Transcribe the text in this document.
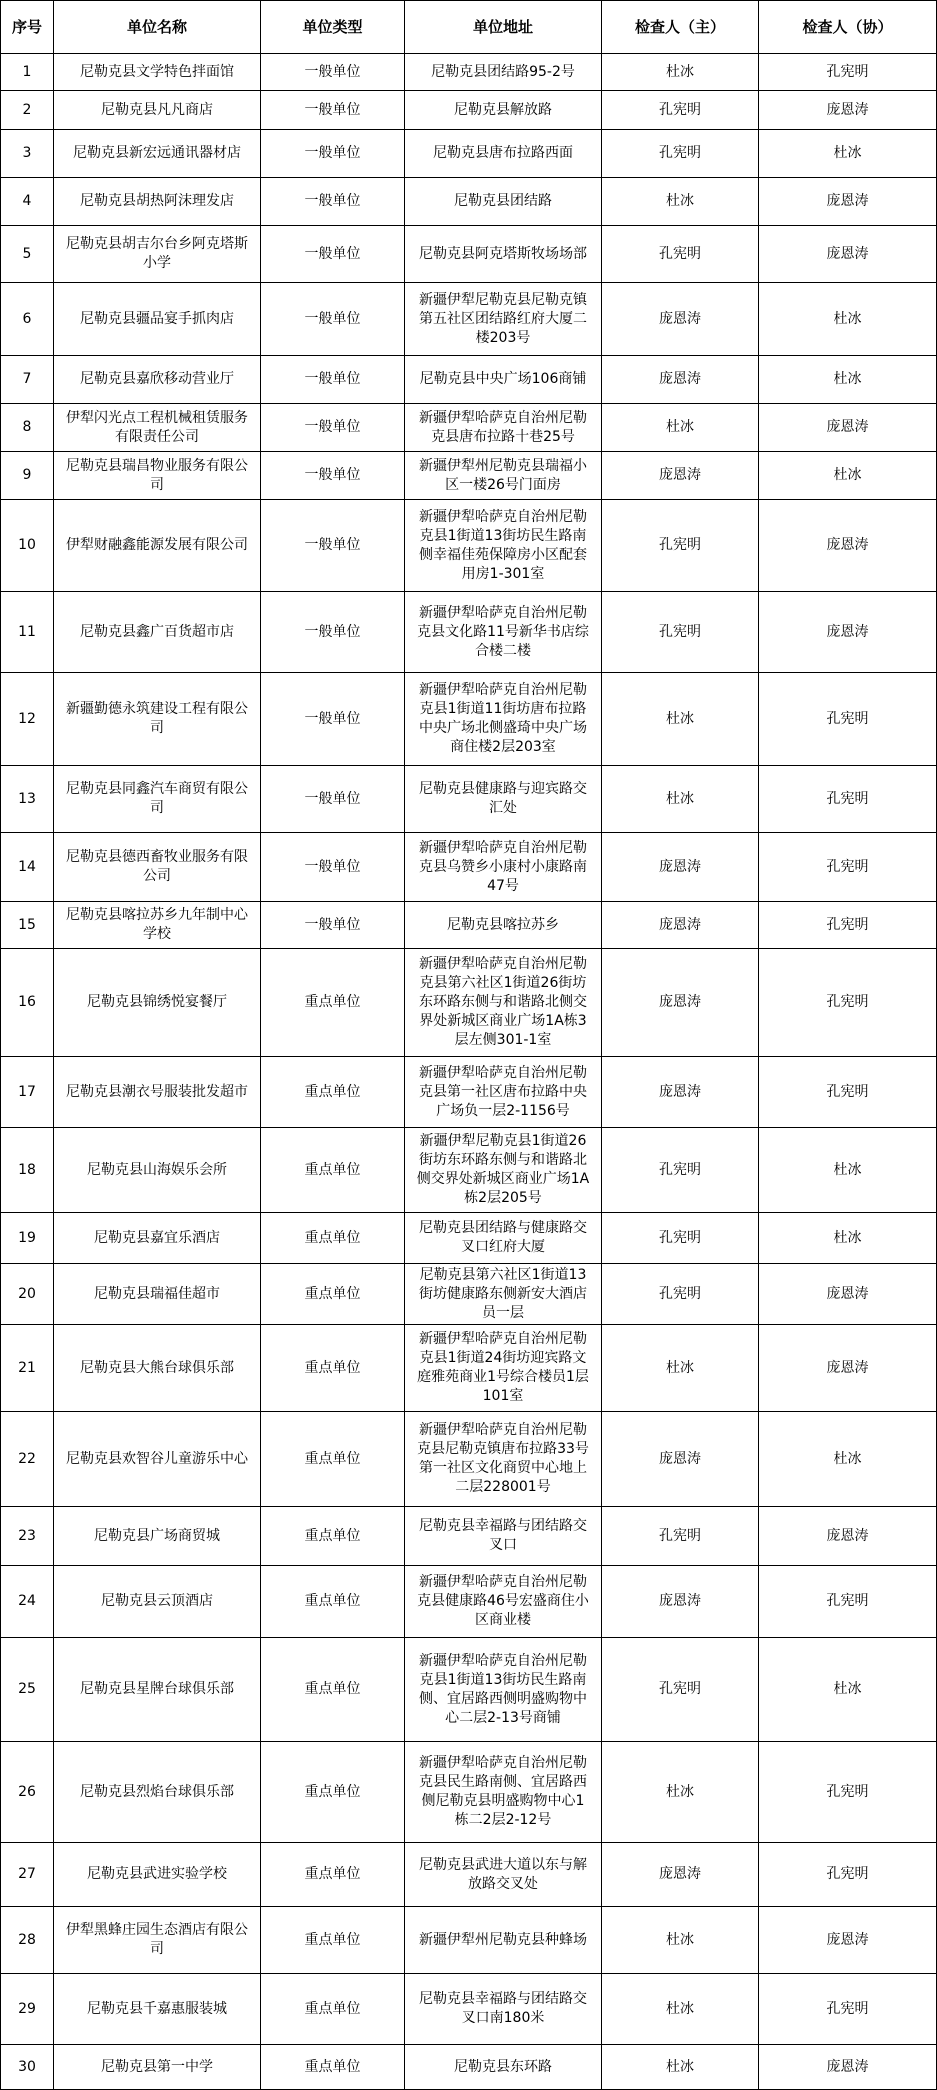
序号	单位名称	单位类型	单位地址	检查人（主）	检查人（协）
1	尼勒克县文学特色拌面馆	一般单位	尼勒克县团结路95-2号	杜冰	孔宪明
2	尼勒克县凡凡商店	一般单位	尼勒克县解放路	孔宪明	庞恩涛
3	尼勒克县新宏远通讯器材店	一般单位	尼勒克县唐布拉路西面	孔宪明	杜冰
4	尼勒克县胡热阿沫理发店	一般单位	尼勒克县团结路	杜冰	庞恩涛
5	尼勒克县胡吉尔台乡阿克塔斯小学	一般单位	尼勒克县阿克塔斯牧场场部	孔宪明	庞恩涛
6	尼勒克县疆品宴手抓肉店	一般单位	新疆伊犁尼勒克县尼勒克镇第五社区团结路红府大厦二楼203号	庞恩涛	杜冰
7	尼勒克县嘉欣移动营业厅	一般单位	尼勒克县中央广场106商铺	庞恩涛	杜冰
8	伊犁闪光点工程机械租赁服务有限责任公司	一般单位	新疆伊犁哈萨克自治州尼勒克县唐布拉路十巷25号	杜冰	庞恩涛
9	尼勒克县瑞昌物业服务有限公司	一般单位	新疆伊犁州尼勒克县瑞福小区一楼26号门面房	庞恩涛	杜冰
10	伊犁财融鑫能源发展有限公司	一般单位	新疆伊犁哈萨克自治州尼勒克县1街道13街坊民生路南侧幸福佳苑保障房小区配套用房1-301室	孔宪明	庞恩涛
11	尼勒克县鑫广百货超市店	一般单位	新疆伊犁哈萨克自治州尼勒克县文化路11号新华书店综合楼二楼	孔宪明	庞恩涛
12	新疆勤德永筑建设工程有限公司	一般单位	新疆伊犁哈萨克自治州尼勒克县1街道11街坊唐布拉路中央广场北侧盛琦中央广场商住楼2层203室	杜冰	孔宪明
13	尼勒克县同鑫汽车商贸有限公司	一般单位	尼勒克县健康路与迎宾路交汇处	杜冰	孔宪明
14	尼勒克县德西畜牧业服务有限公司	一般单位	新疆伊犁哈萨克自治州尼勒克县乌赞乡小康村小康路南47号	庞恩涛	孔宪明
15	尼勒克县喀拉苏乡九年制中心学校	一般单位	尼勒克县喀拉苏乡	庞恩涛	孔宪明
16	尼勒克县锦绣悦宴餐厅	重点单位	新疆伊犁哈萨克自治州尼勒克县第六社区1街道26街坊东环路东侧与和谐路北侧交界处新城区商业广场1A栋3层左侧301-1室	庞恩涛	孔宪明
17	尼勒克县潮衣号服装批发超市	重点单位	新疆伊犁哈萨克自治州尼勒克县第一社区唐布拉路中央广场负一层2-1156号	庞恩涛	孔宪明
18	尼勒克县山海娱乐会所	重点单位	新疆伊犁尼勒克县1街道26街坊东环路东侧与和谐路北侧交界处新城区商业广场1A栋2层205号	孔宪明	杜冰
19	尼勒克县嘉宜乐酒店	重点单位	尼勒克县团结路与健康路交叉口红府大厦	孔宪明	杜冰
20	尼勒克县瑞福佳超市	重点单位	尼勒克县第六社区1街道13街坊健康路东侧新安大酒店员一层	孔宪明	庞恩涛
21	尼勒克县大熊台球俱乐部	重点单位	新疆伊犁哈萨克自治州尼勒克县1街道24街坊迎宾路文庭雅苑商业1号综合楼员1层101室	杜冰	庞恩涛
22	尼勒克县欢智谷儿童游乐中心	重点单位	新疆伊犁哈萨克自治州尼勒克县尼勒克镇唐布拉路33号第一社区文化商贸中心地上二层228001号	庞恩涛	杜冰
23	尼勒克县广场商贸城	重点单位	尼勒克县幸福路与团结路交叉口	孔宪明	庞恩涛
24	尼勒克县云顶酒店	重点单位	新疆伊犁哈萨克自治州尼勒克县健康路46号宏盛商住小区商业楼	庞恩涛	孔宪明
25	尼勒克县星牌台球俱乐部	重点单位	新疆伊犁哈萨克自治州尼勒克县1街道13街坊民生路南侧、宜居路西侧明盛购物中心二层2-13号商铺	孔宪明	杜冰
26	尼勒克县烈焰台球俱乐部	重点单位	新疆伊犁哈萨克自治州尼勒克县民生路南侧、宜居路西侧尼勒克县明盛购物中心1栋二2层2-12号	杜冰	孔宪明
27	尼勒克县武进实验学校	重点单位	尼勒克县武进大道以东与解放路交叉处	庞恩涛	孔宪明
28	伊犁黑蜂庄园生态酒店有限公司	重点单位	新疆伊犁州尼勒克县种蜂场	杜冰	庞恩涛
29	尼勒克县千嘉惠服装城	重点单位	尼勒克县幸福路与团结路交叉口南180米	杜冰	孔宪明
30	尼勒克县第一中学	重点单位	尼勒克县东环路	杜冰	庞恩涛
